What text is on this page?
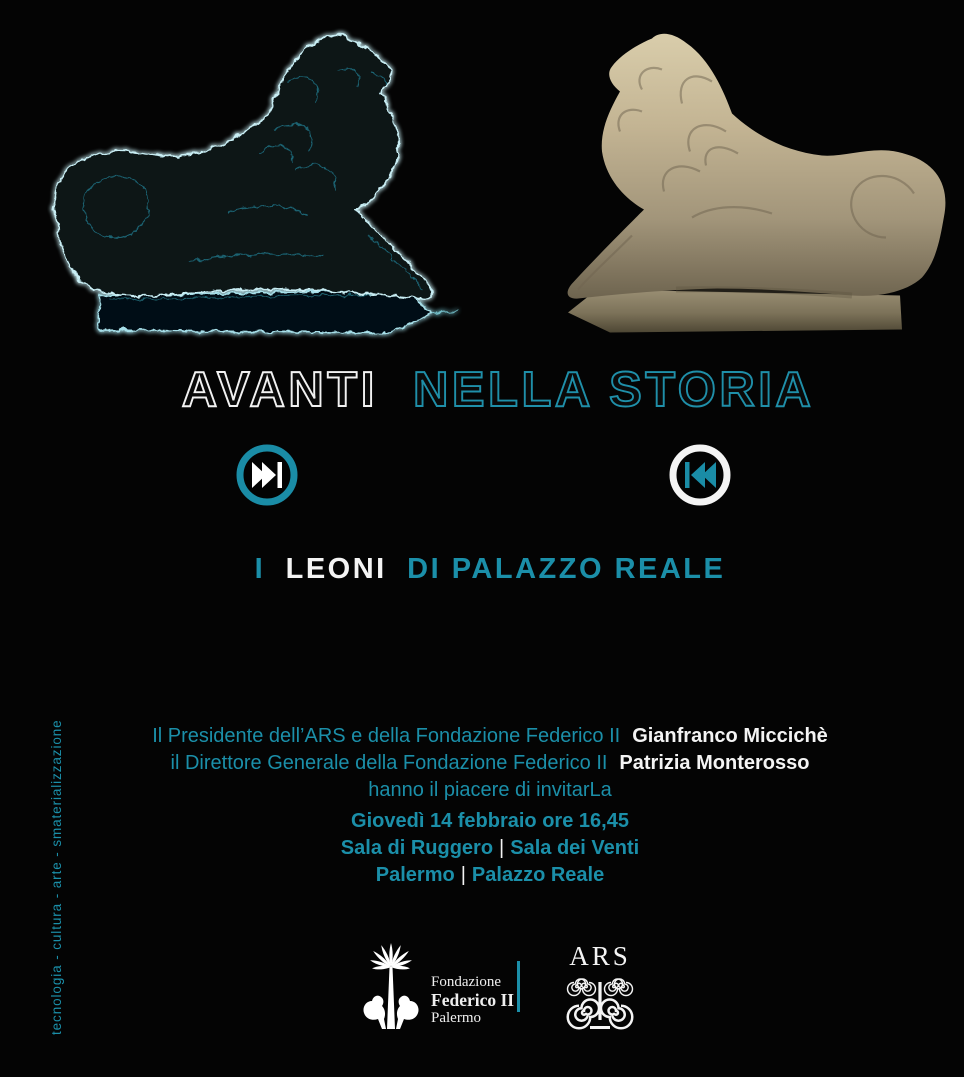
AVANTI NELLA STORIA
I LEONI DI PALAZZO REALE
Il Presidente dell’ARS e della Fondazione Federico II Gianfranco Miccichè
il Direttore Generale della Fondazione Federico II Patrizia Monterosso
hanno il piacere di invitarLa
Giovedì 14 febbraio ore 16,45
Sala di Ruggero | Sala dei Venti
Palermo | Palazzo Reale
tecnologia - cultura - arte - smaterializzazione	Fondazione
Federico II
Palermo
ARS
